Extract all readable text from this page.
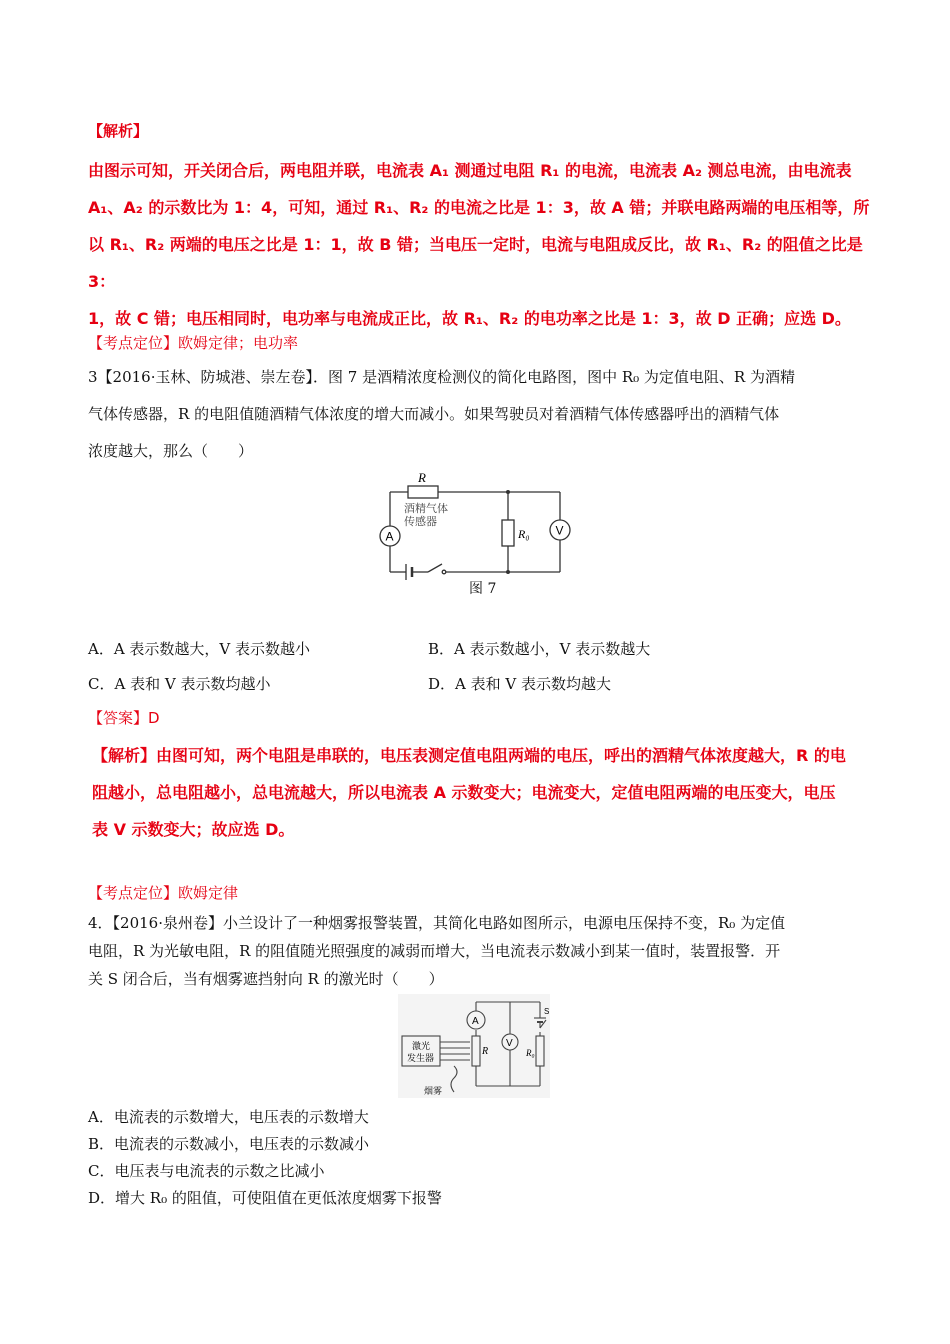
【解析】
由图示可知，开关闭合后，两电阻并联，电流表 A₁ 测通过电阻 R₁ 的电流，电流表 A₂ 测总电流，由电流表
A₁、A₂ 的示数比为 1：4，可知，通过 R₁、R₂ 的电流之比是 1：3，故 A 错；并联电路两端的电压相等，所
以 R₁、R₂ 两端的电压之比是 1：1，故 B 错；当电压一定时，电流与电阻成反比，故 R₁、R₂ 的阻值之比是 3：
1，故 C 错；电压相同时，电功率与电流成正比，故 R₁、R₂ 的电功率之比是 1：3，故 D 正确；应选 D。
【考点定位】欧姆定律；电功率
3【2016·玉林、防城港、崇左卷】．图 7 是酒精浓度检测仪的简化电路图，图中 R₀ 为定值电阻、R 为酒精
气体传感器，R 的电阻值随酒精气体浓度的增大而减小。如果驾驶员对着酒精气体传感器呼出的酒精气体
浓度越大，那么（　　）
R
酒精气体
传感器
R₀
A	V
图 7
A．A 表示数越大，V 表示数越小	B．A 表示数越小，V 表示数越大
C．A 表和 V 表示数均越小	D．A 表和 V 表示数均越大
【答案】D
【解析】由图可知，两个电阻是串联的，电压表测定值电阻两端的电压，呼出的酒精气体浓度越大，R 的电
阻越小，总电阻越小，总电流越大，所以电流表 A 示数变大；电流变大，定值电阻两端的电压变大，电压
表 V 示数变大；故应选 D。
【考点定位】欧姆定律
4．【2016·泉州卷】小兰设计了一种烟雾报警装置，其简化电路如图所示，电源电压保持不变，R₀ 为定值
电阻，R 为光敏电阻，R 的阻值随光照强度的减弱而增大，当电流表示数减小到某一值时，装置报警．开
关 S 闭合后，当有烟雾遮挡射向 R 的激光时（　　）
激光
发生器
烟雾
A
V
R	R₀
S
A．电流表的示数增大，电压表的示数增大
B．电流表的示数减小，电压表的示数减小
C．电压表与电流表的示数之比减小
D．增大 R₀ 的阻值，可使阻值在更低浓度烟雾下报警
